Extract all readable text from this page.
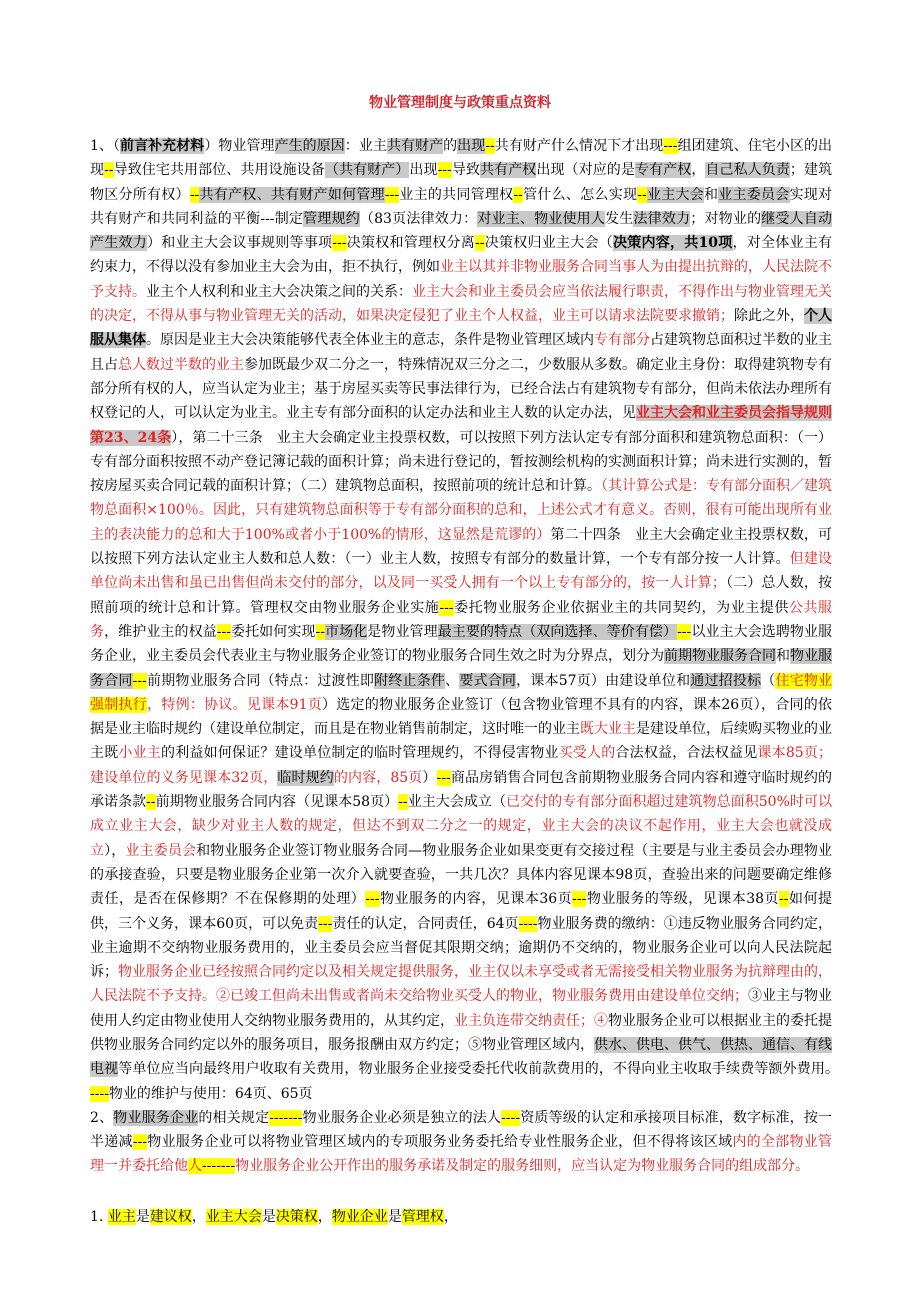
物业管理制度与政策重点资料

1、（前言补充材料）物业管理产生的原因：业主共有财产的出现--共有财产什么情况下才出现---组团建筑、住宅小区的出现--导致住宅共用部位、共用设施设备（共有财产）出现---导致共有产权出现（对应的是专有产权，自己私人负责；建筑物区分所有权）--共有产权、共有财产如何管理---业主的共同管理权--管什么、怎么实现--业主大会和业主委员会实现对共有财产和共同利益的平衡---制定管理规约（83页法律效力：对业主、物业使用人发生法律效力；对物业的继受人自动产生效力）和业主大会议事规则等事项---决策权和管理权分离--决策权归业主大会（决策内容，共10项，对全体业主有约束力，不得以没有参加业主大会为由，拒不执行，例如业主以其并非物业服务合同当事人为由提出抗辩的，人民法院不予支持。业主个人权利和业主大会决策之间的关系：业主大会和业主委员会应当依法履行职责，不得作出与物业管理无关的决定，不得从事与物业管理无关的活动，如果决定侵犯了业主个人权益，业主可以请求法院要求撤销；除此之外，个人服从集体。原因是业主大会决策能够代表全体业主的意志，条件是物业管理区域内专有部分占建筑物总面积过半数的业主且占总人数过半数的业主参加既最少双二分之一，特殊情况双三分之二，少数服从多数。确定业主身份：取得建筑物专有部分所有权的人，应当认定为业主；基于房屋买卖等民事法律行为，已经合法占有建筑物专有部分，但尚未依法办理所有权登记的人，可以认定为业主。业主专有部分面积的认定办法和业主人数的认定办法，见业主大会和业主委员会指导规则第23、24条），第二十三条　业主大会确定业主投票权数，可以按照下列方法认定专有部分面积和建筑物总面积：（一）专有部分面积按照不动产登记簿记载的面积计算；尚未进行登记的，暂按测绘机构的实测面积计算；尚未进行实测的，暂按房屋买卖合同记载的面积计算；（二）建筑物总面积，按照前项的统计总和计算。（其计算公式是：专有部分面积／建筑物总面积×100％。因此，只有建筑物总面积等于专有部分面积的总和，上述公式才有意义。否则，很有可能出现所有业主的表决能力的总和大于100%或者小于100%的情形，这显然是荒谬的）第二十四条　业主大会确定业主投票权数，可以按照下列方法认定业主人数和总人数：（一）业主人数，按照专有部分的数量计算，一个专有部分按一人计算。但建设单位尚未出售和虽已出售但尚未交付的部分，以及同一买受人拥有一个以上专有部分的，按一人计算；（二）总人数，按照前项的统计总和计算。管理权交由物业服务企业实施---委托物业服务企业依据业主的共同契约，为业主提供公共服务，维护业主的权益---委托如何实现--市场化是物业管理最主要的特点（双向选择、等价有偿）---以业主大会选聘物业服务企业，业主委员会代表业主与物业服务企业签订的物业服务合同生效之时为分界点，划分为前期物业服务合同和物业服务合同---前期物业服务合同（特点：过渡性即附终止条件、要式合同，课本57页）由建设单位和通过招投标（住宅物业强制执行，特例：协议。见课本91页）选定的物业服务企业签订（包含物业管理不具有的内容，课本26页），合同的依据是业主临时规约（建设单位制定，而且是在物业销售前制定，这时唯一的业主既大业主是建设单位，后续购买物业的业主既小业主的利益如何保证？建设单位制定的临时管理规约，不得侵害物业买受人的合法权益，合法权益见课本85页；建设单位的义务见课本32页，临时规约的内容，85页）---商品房销售合同包含前期物业服务合同内容和遵守临时规约的承诺条款--前期物业服务合同内容（见课本58页）--业主大会成立（已交付的专有部分面积超过建筑物总面积50%时可以成立业主大会，缺少对业主人数的规定，但达不到双二分之一的规定，业主大会的决议不起作用，业主大会也就没成立），业主委员会和物业服务企业签订物业服务合同—物业服务企业如果变更有交接过程（主要是与业主委员会办理物业的承接查验，只要是物业服务企业第一次介入就要查验，一共几次？具体内容见课本98页，查验出来的问题要确定维修责任，是否在保修期？不在保修期的处理）---物业服务的内容，见课本36页---物业服务的等级，见课本38页--如何提供，三个义务，课本60页，可以免责---责任的认定，合同责任，64页----物业服务费的缴纳：①违反物业服务合同约定，业主逾期不交纳物业服务费用的，业主委员会应当督促其限期交纳；逾期仍不交纳的，物业服务企业可以向人民法院起诉；物业服务企业已经按照合同约定以及相关规定提供服务，业主仅以未享受或者无需接受相关物业服务为抗辩理由的，人民法院不予支持。②已竣工但尚未出售或者尚未交给物业买受人的物业，物业服务费用由建设单位交纳；③业主与物业使用人约定由物业使用人交纳物业服务费用的，从其约定，业主负连带交纳责任；④物业服务企业可以根据业主的委托提供物业服务合同约定以外的服务项目，服务报酬由双方约定；⑤物业管理区域内，供水、供电、供气、供热、通信、有线电视等单位应当向最终用户收取有关费用，物业服务企业接受委托代收前款费用的，不得向业主收取手续费等额外费用。　----物业的维护与使用：64页、65页

2、物业服务企业的相关规定-------物业服务企业必须是独立的法人----资质等级的认定和承接项目标准，数字标准，按一半递减---物业服务企业可以将物业管理区域内的专项服务业务委托给专业性服务企业，但不得将该区域内的全部物业管理一并委托给他人-------物业服务企业公开作出的服务承诺及制定的服务细则，应当认定为物业服务合同的组成部分。

1. 业主是建议权，业主大会是决策权，物业企业是管理权，
